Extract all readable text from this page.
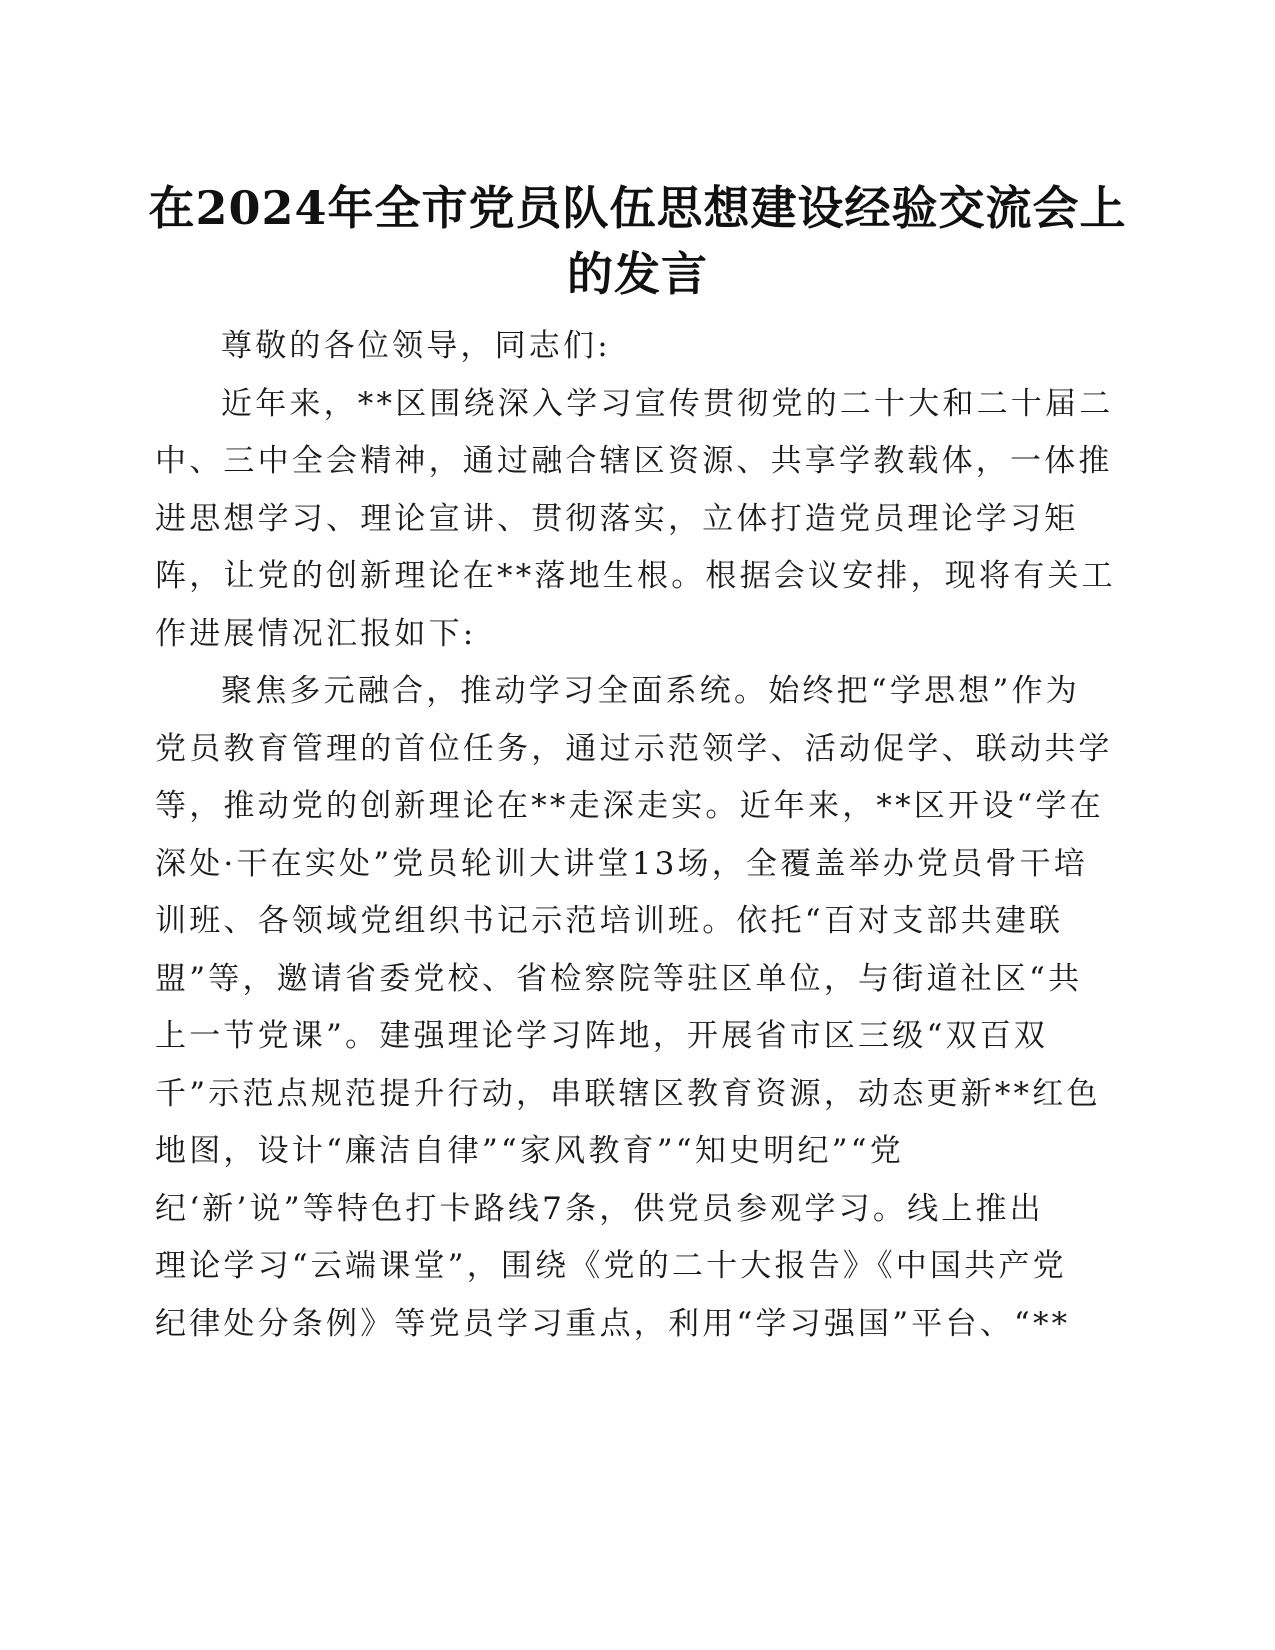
在2024年全市党员队伍思想建设经验交流会上
的发言
尊敬的各位领导，同志们:
近年来，**区围绕深入学习宣传贯彻党的二十大和二十届二
中、三中全会精神，通过融合辖区资源、共享学教载体，一体推
进思想学习、理论宣讲、贯彻落实，立体打造党员理论学习矩
阵，让党的创新理论在**落地生根。根据会议安排，现将有关工
作进展情况汇报如下:
聚焦多元融合，推动学习全面系统。始终把“学思想”作为
党员教育管理的首位任务，通过示范领学、活动促学、联动共学
等，推动党的创新理论在**走深走实。近年来，**区开设“学在
深处·干在实处”党员轮训大讲堂13场，全覆盖举办党员骨干培
训班、各领域党组织书记示范培训班。依托“百对支部共建联
盟”等，邀请省委党校、省检察院等驻区单位，与街道社区“共
上一节党课”。建强理论学习阵地，开展省市区三级“双百双
千”示范点规范提升行动，串联辖区教育资源，动态更新**红色
地图，设计“廉洁自律”“家风教育”“知史明纪”“党
纪‘新’说”等特色打卡路线7条，供党员参观学习。线上推出
理论学习“云端课堂”，围绕《党的二十大报告》《中国共产党
纪律处分条例》等党员学习重点，利用“学习强国”平台、“**
